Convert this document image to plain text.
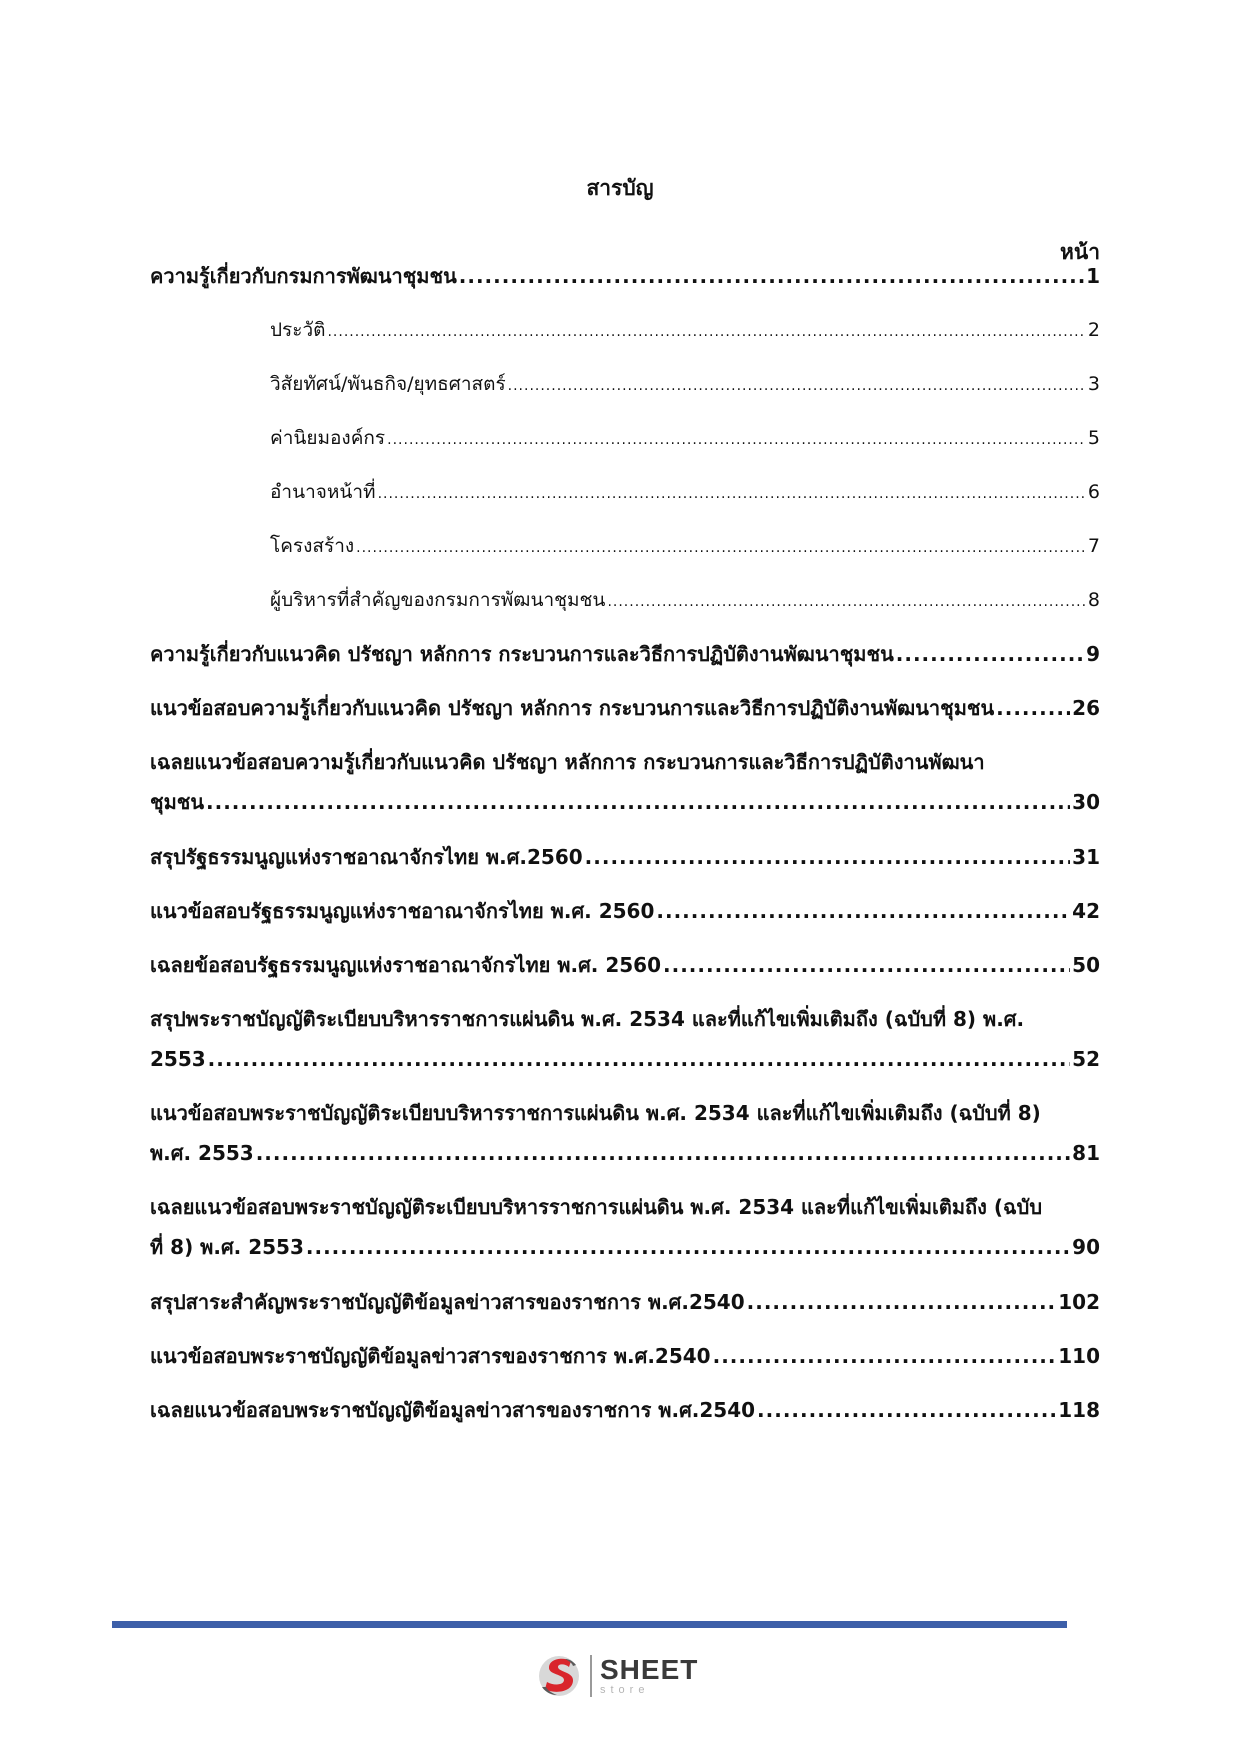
สารบัญ
หน้า
ความรู้เกี่ยวกับกรมการพัฒนาชุมชน .....	1
ประวัติ .....	2
วิสัยทัศน์/พันธกิจ/ยุทธศาสตร์ .....	3
ค่านิยมองค์กร .....	5
อำนาจหน้าที่ .....	6
โครงสร้าง .....	7
ผู้บริหารที่สำคัญของกรมการพัฒนาชุมชน .....	8
ความรู้เกี่ยวกับแนวคิด ปรัชญา หลักการ กระบวนการและวิธีการปฏิบัติงานพัฒนาชุมชน .....	9
แนวข้อสอบความรู้เกี่ยวกับแนวคิด ปรัชญา หลักการ กระบวนการและวิธีการปฏิบัติงานพัฒนาชุมชน .....	26
เฉลยแนวข้อสอบความรู้เกี่ยวกับแนวคิด ปรัชญา หลักการ กระบวนการและวิธีการปฏิบัติงานพัฒนา
ชุมชน .....	30
สรุปรัฐธรรมนูญแห่งราชอาณาจักรไทย พ.ศ.2560 .....	31
แนวข้อสอบรัฐธรรมนูญแห่งราชอาณาจักรไทย พ.ศ. 2560 .....	42
เฉลยข้อสอบรัฐธรรมนูญแห่งราชอาณาจักรไทย พ.ศ. 2560 .....	50
สรุปพระราชบัญญัติระเบียบบริหารราชการแผ่นดิน พ.ศ. 2534 และที่แก้ไขเพิ่มเติมถึง (ฉบับที่ 8) พ.ศ.
2553 .....	52
แนวข้อสอบพระราชบัญญัติระเบียบบริหารราชการแผ่นดิน พ.ศ. 2534 และที่แก้ไขเพิ่มเติมถึง (ฉบับที่ 8)
พ.ศ. 2553 .....	81
เฉลยแนวข้อสอบพระราชบัญญัติระเบียบบริหารราชการแผ่นดิน พ.ศ. 2534 และที่แก้ไขเพิ่มเติมถึง (ฉบับ
ที่ 8) พ.ศ. 2553 .....	90
สรุปสาระสำคัญพระราชบัญญัติข้อมูลข่าวสารของราชการ พ.ศ.2540 .....	102
แนวข้อสอบพระราชบัญญัติข้อมูลข่าวสารของราชการ พ.ศ.2540 .....	110
เฉลยแนวข้อสอบพระราชบัญญัติข้อมูลข่าวสารของราชการ พ.ศ.2540 .....	118
SHEET
store
